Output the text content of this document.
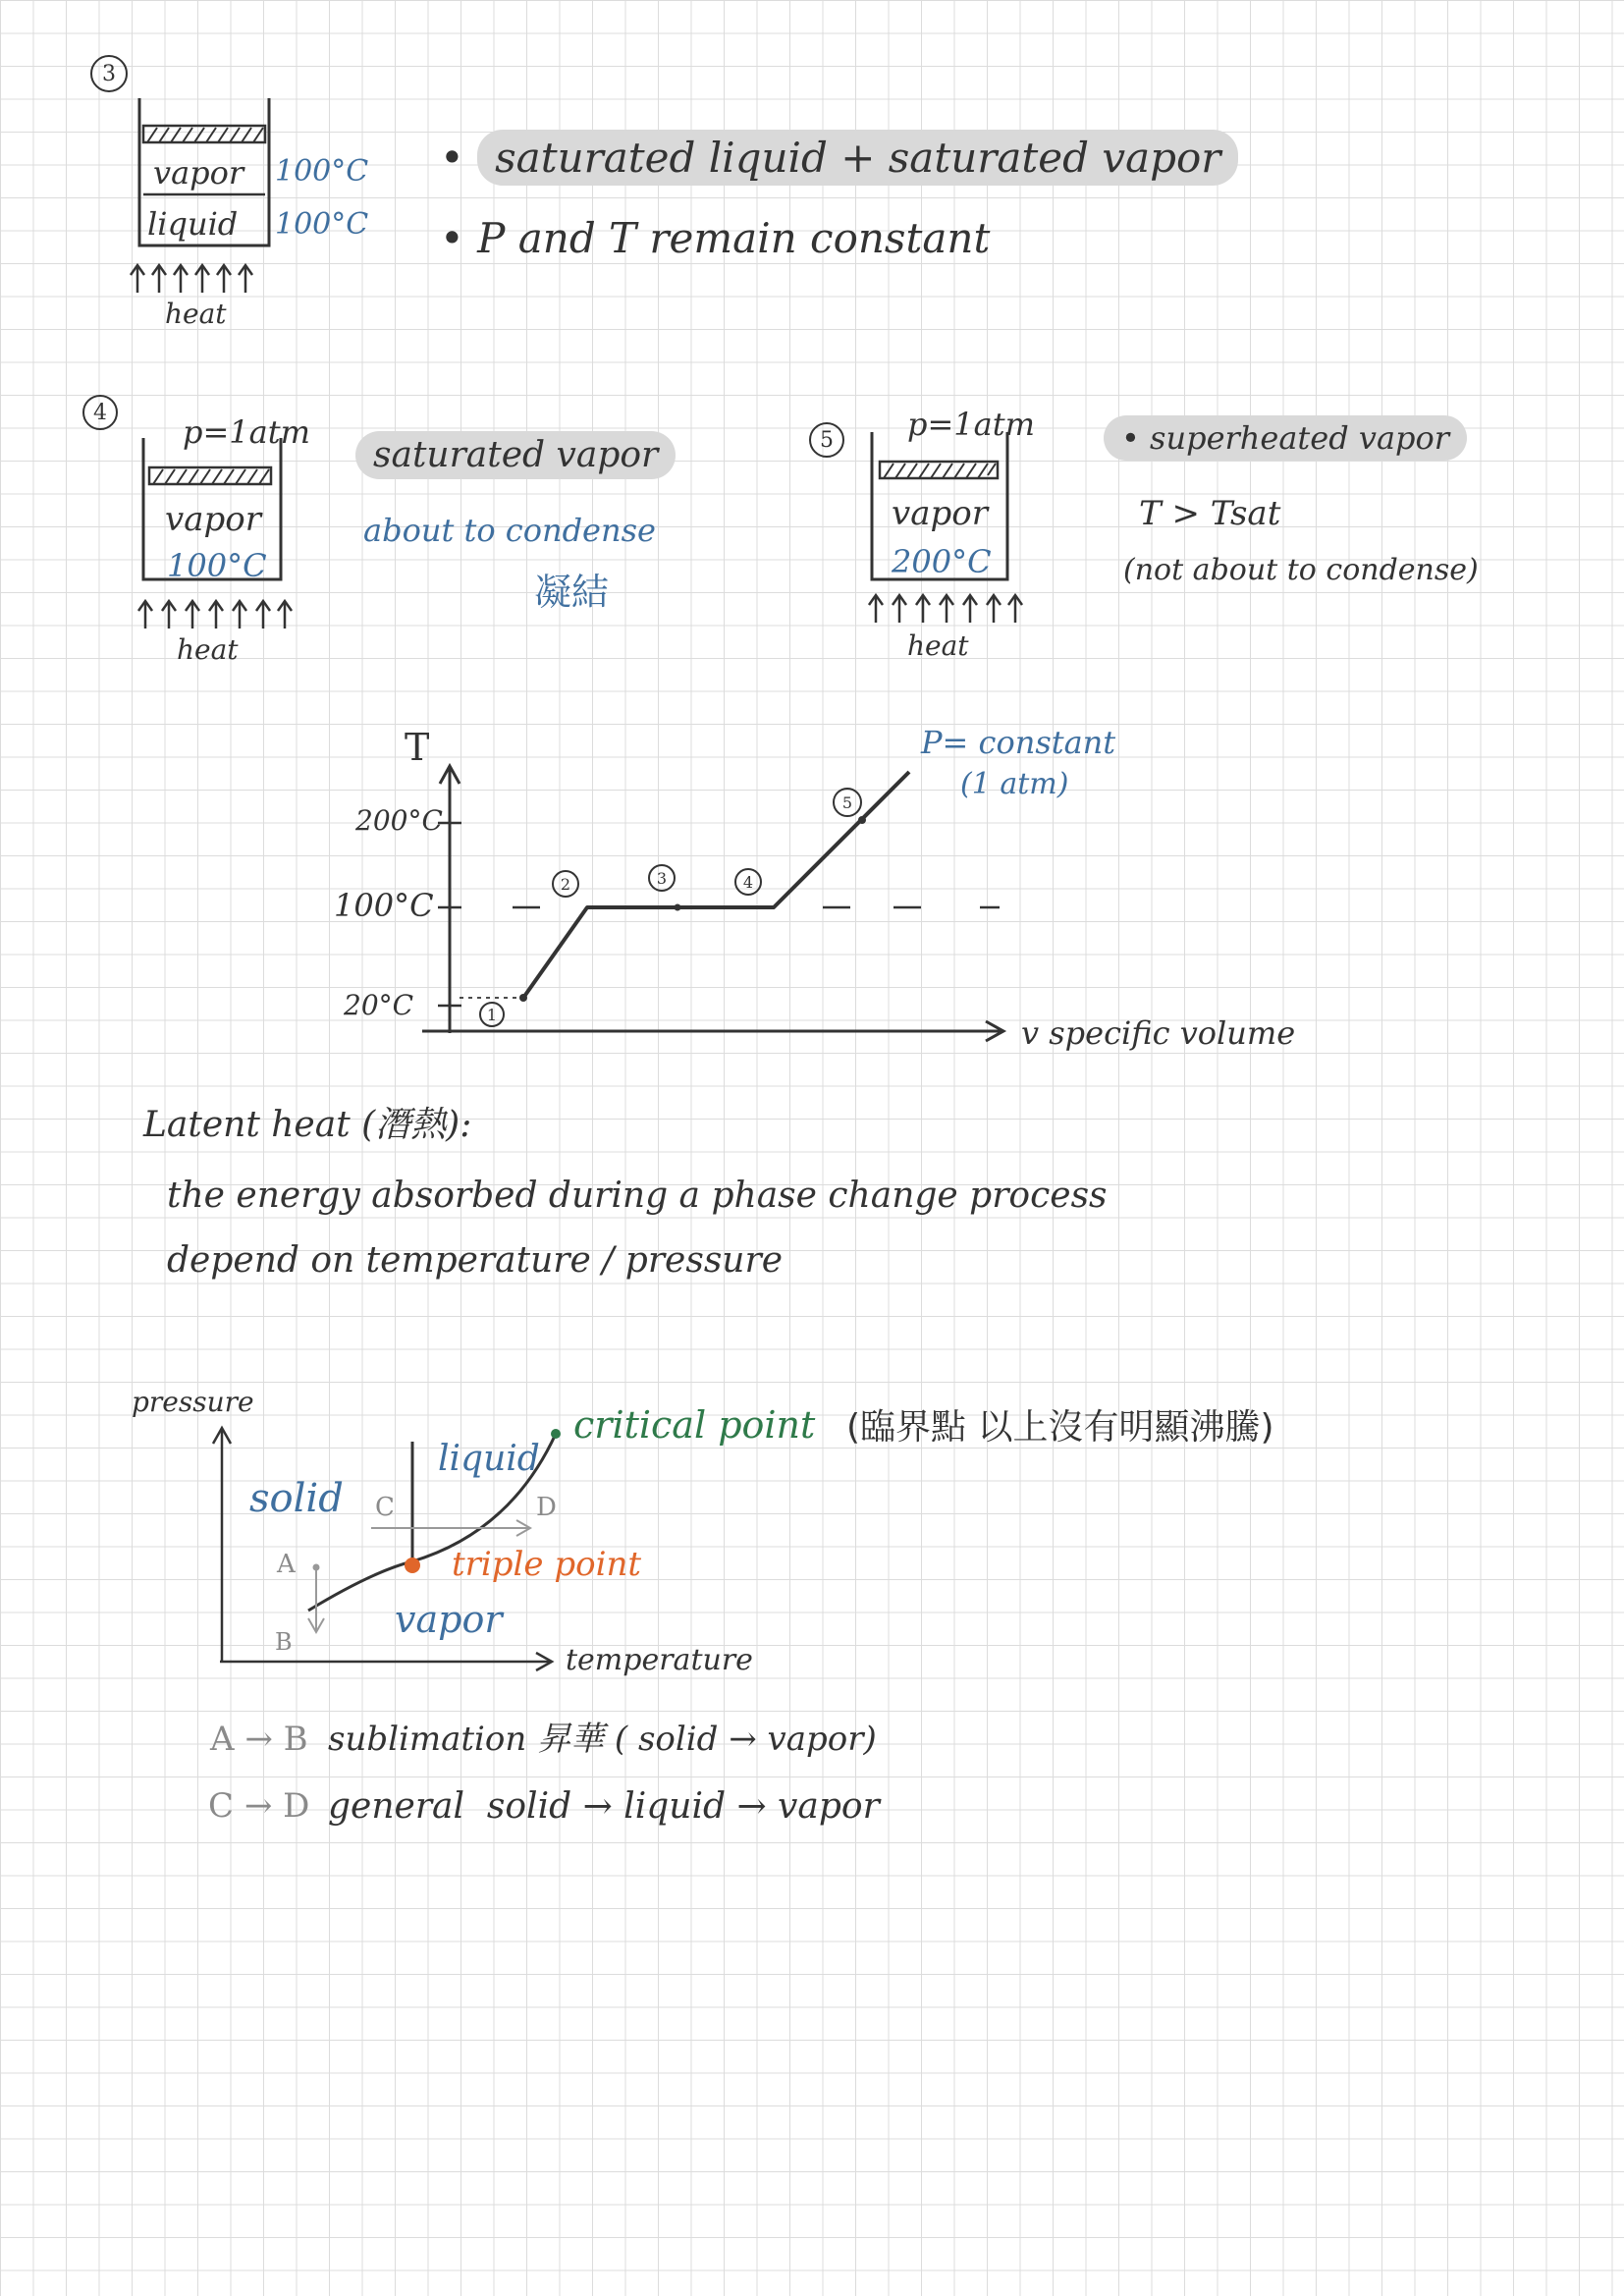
3
vapor 100°C
liquid 100°C
heat
• saturated liquid + saturated vapor
• P and T remain constant
4
p=1atm
vapor
100°C
heat
saturated vapor
about to condense
凝結
5	p=1atm
vapor
200°C
heat
• superheated vapor
T > Tsat
(not about to condense)
T
200°C
100°C
20°C
v specific volume
P= constant
(1 atm)
1
2	3	4
5
Latent heat (潛熱):
the energy absorbed during a phase change process
depend on temperature / pressure
pressure
temperature
solid
liquid
vapor
critical point (臨界點 以上沒有明顯沸騰)
triple point
A
B
C	D
A → B sublimation 昇華 ( solid → vapor)
C → D general  solid → liquid → vapor
